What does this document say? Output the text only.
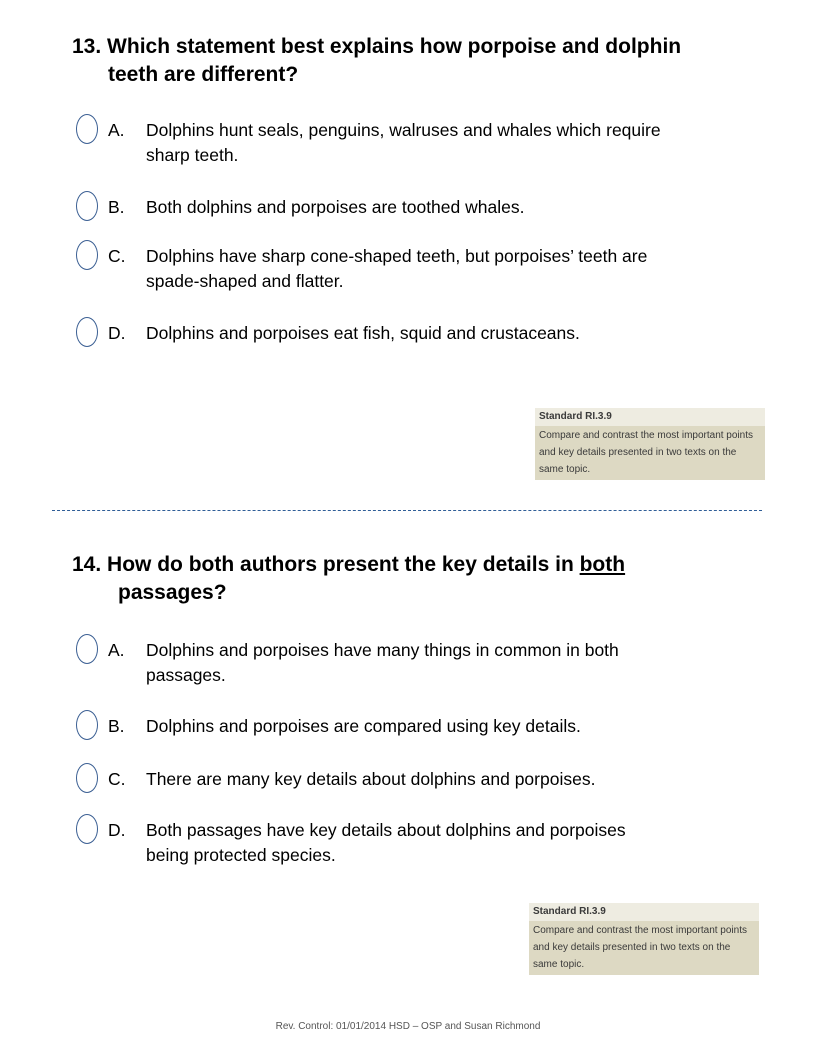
13. Which statement best explains how porpoise and dolphin
teeth are different?
A. Dolphins hunt seals, penguins, walruses and whales which require
sharp teeth.
B. Both dolphins and porpoises are toothed whales.
C. Dolphins have sharp cone-shaped teeth, but porpoises’ teeth are
spade-shaped and flatter.
D. Dolphins and porpoises eat fish, squid and crustaceans.
Standard RI.3.9
Compare and contrast the most important points and key details presented in two texts on the same topic.
14. How do both authors present the key details in both
passages?
A. Dolphins and porpoises have many things in common in both
passages.
B. Dolphins and porpoises are compared using key details.
C. There are many key details about dolphins and porpoises.
D. Both passages have key details about dolphins and porpoises
being protected species.
Standard RI.3.9
Compare and contrast the most important points and key details presented in two texts on the same topic.
Rev. Control: 01/01/2014 HSD – OSP and Susan Richmond
